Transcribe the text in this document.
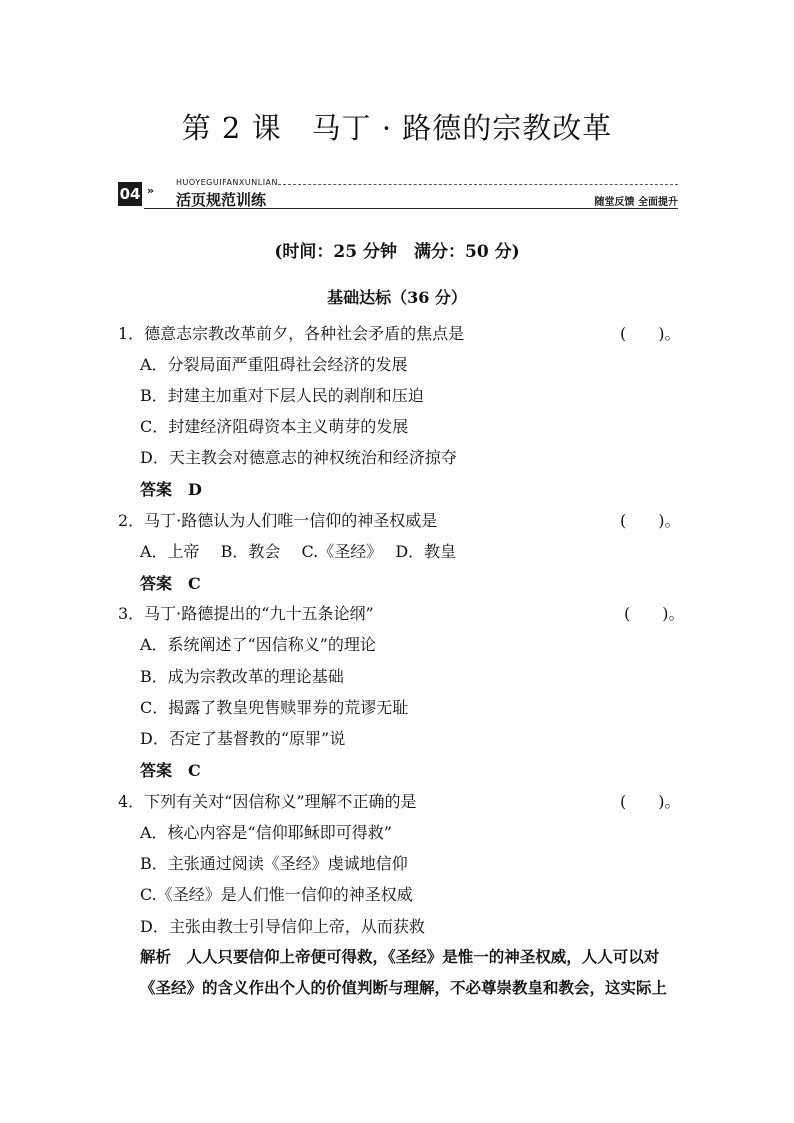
第 2 课　马丁 · 路德的宗教改革
04 »
HUOYEGUIFANXUNLIAN
活页规范训练	随堂反馈 全面提升
(时间：25 分钟　满分：50 分)
基础达标（36 分）
1．德意志宗教改革前夕，各种社会矛盾的焦点是	(　　)。
A．分裂局面严重阻碍社会经济的发展
B．封建主加重对下层人民的剥削和压迫
C．封建经济阻碍资本主义萌芽的发展
D．天主教会对德意志的神权统治和经济掠夺
答案　D
2．马丁·路德认为人们唯一信仰的神圣权威是	(　　)。
A．上帝　 B．教会　 C.《圣经》　 D．教皇
答案　C
3．马丁·路德提出的“九十五条论纲”	(　　)。
A．系统阐述了“因信称义”的理论
B．成为宗教改革的理论基础
C．揭露了教皇兜售赎罪券的荒谬无耻
D．否定了基督教的“原罪”说
答案　C
4．下列有关对“因信称义”理解不正确的是	(　　)。
A．核心内容是“信仰耶稣即可得救”
B．主张通过阅读《圣经》虔诚地信仰
C.《圣经》是人们惟一信仰的神圣权威
D．主张由教士引导信仰上帝，从而获救
解析　人人只要信仰上帝便可得救，《圣经》是惟一的神圣权威，人人可以对
《圣经》的含义作出个人的价值判断与理解，不必尊崇教皇和教会，这实际上
